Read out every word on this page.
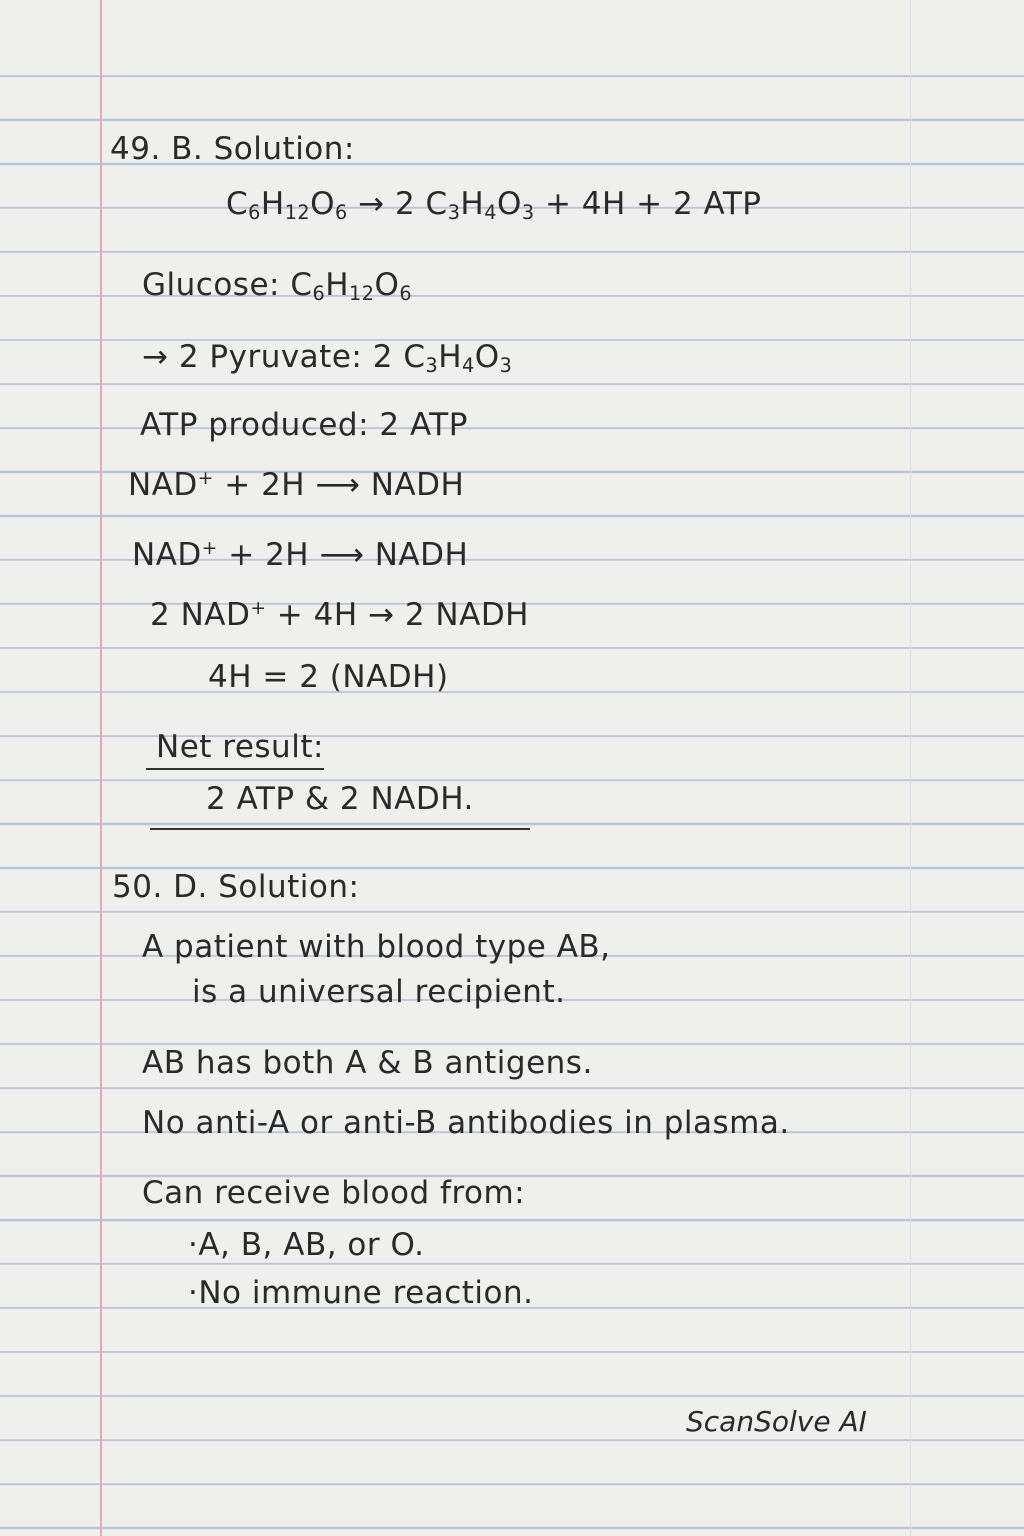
49. B. Solution:
$C_6H_{12}O_6 \to 2$ $C_3H_4O_3 + 4H + 2$ ATP
Glucose: $C_6H_{12}O_6$
→ 2 Pyruvate: 2 $C_3H_4O_3$
ATP produced: 2 ATP
NAD+ + 2H ⟶ NADH
NAD+ + 2H ⟶ NADH
2 NAD+ + 4H → 2 NADH
4H = 2 (NADH)
Net result:
2 ATP & 2 NADH.
50. D. Solution:
A patient with blood type AB,
is a universal recipient.
AB has both A & B antigens.
No anti-A or anti-B antibodies in plasma.
Can receive blood from:
·A, B, AB, or O.
·No immune reaction.
ScanSolve AI
